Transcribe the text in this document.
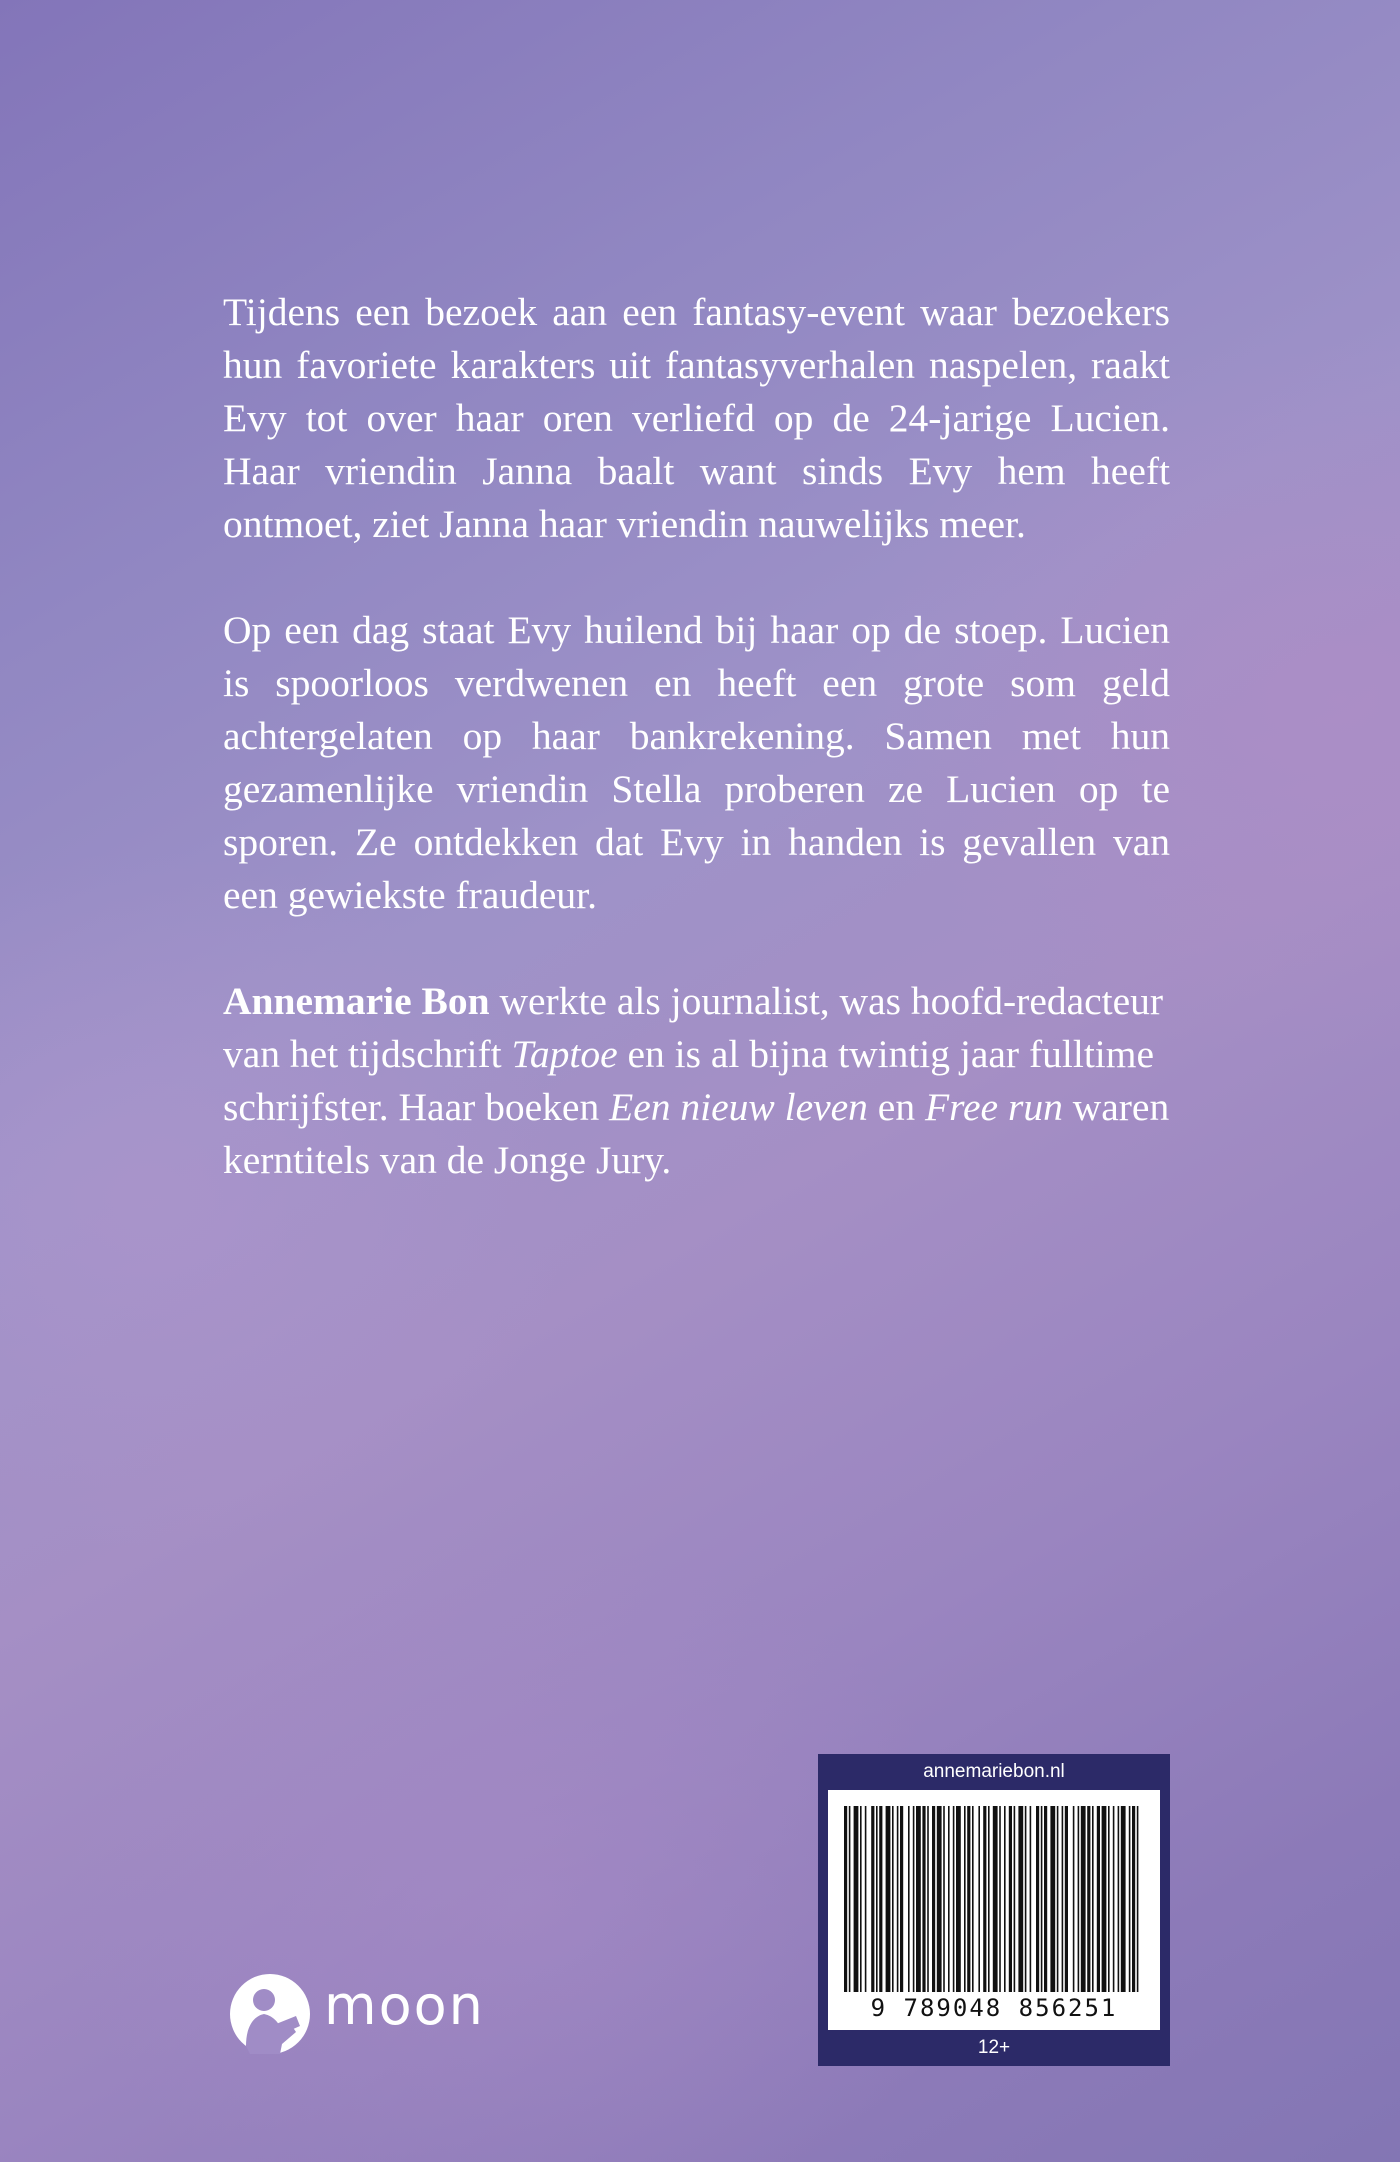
Tijdens een bezoek aan een fantasy-event waar bezoekers hun favoriete karakters uit fantasyverhalen naspelen, raakt Evy tot over haar oren verliefd op de 24-jarige Lucien. Haar vriendin Janna baalt want sinds Evy hem heeft ontmoet, ziet Janna haar vriendin nauwelijks meer.

Op een dag staat Evy huilend bij haar op de stoep. Lucien is spoorloos verdwenen en heeft een grote som geld achtergelaten op haar bankrekening. Samen met hun gezamenlijke vriendin Stella proberen ze Lucien op te sporen. Ze ontdekken dat Evy in handen is gevallen van een gewiekste fraudeur.

Annemarie Bon werkte als journalist, was hoofd-redacteur van het tijdschrift Taptoe en is al bijna twintig jaar fulltime schrijfster. Haar boeken Een nieuw leven en Free run waren kerntitels van de Jonge Jury.

moon
annemariebon.nl
9 789048 856251
12+
